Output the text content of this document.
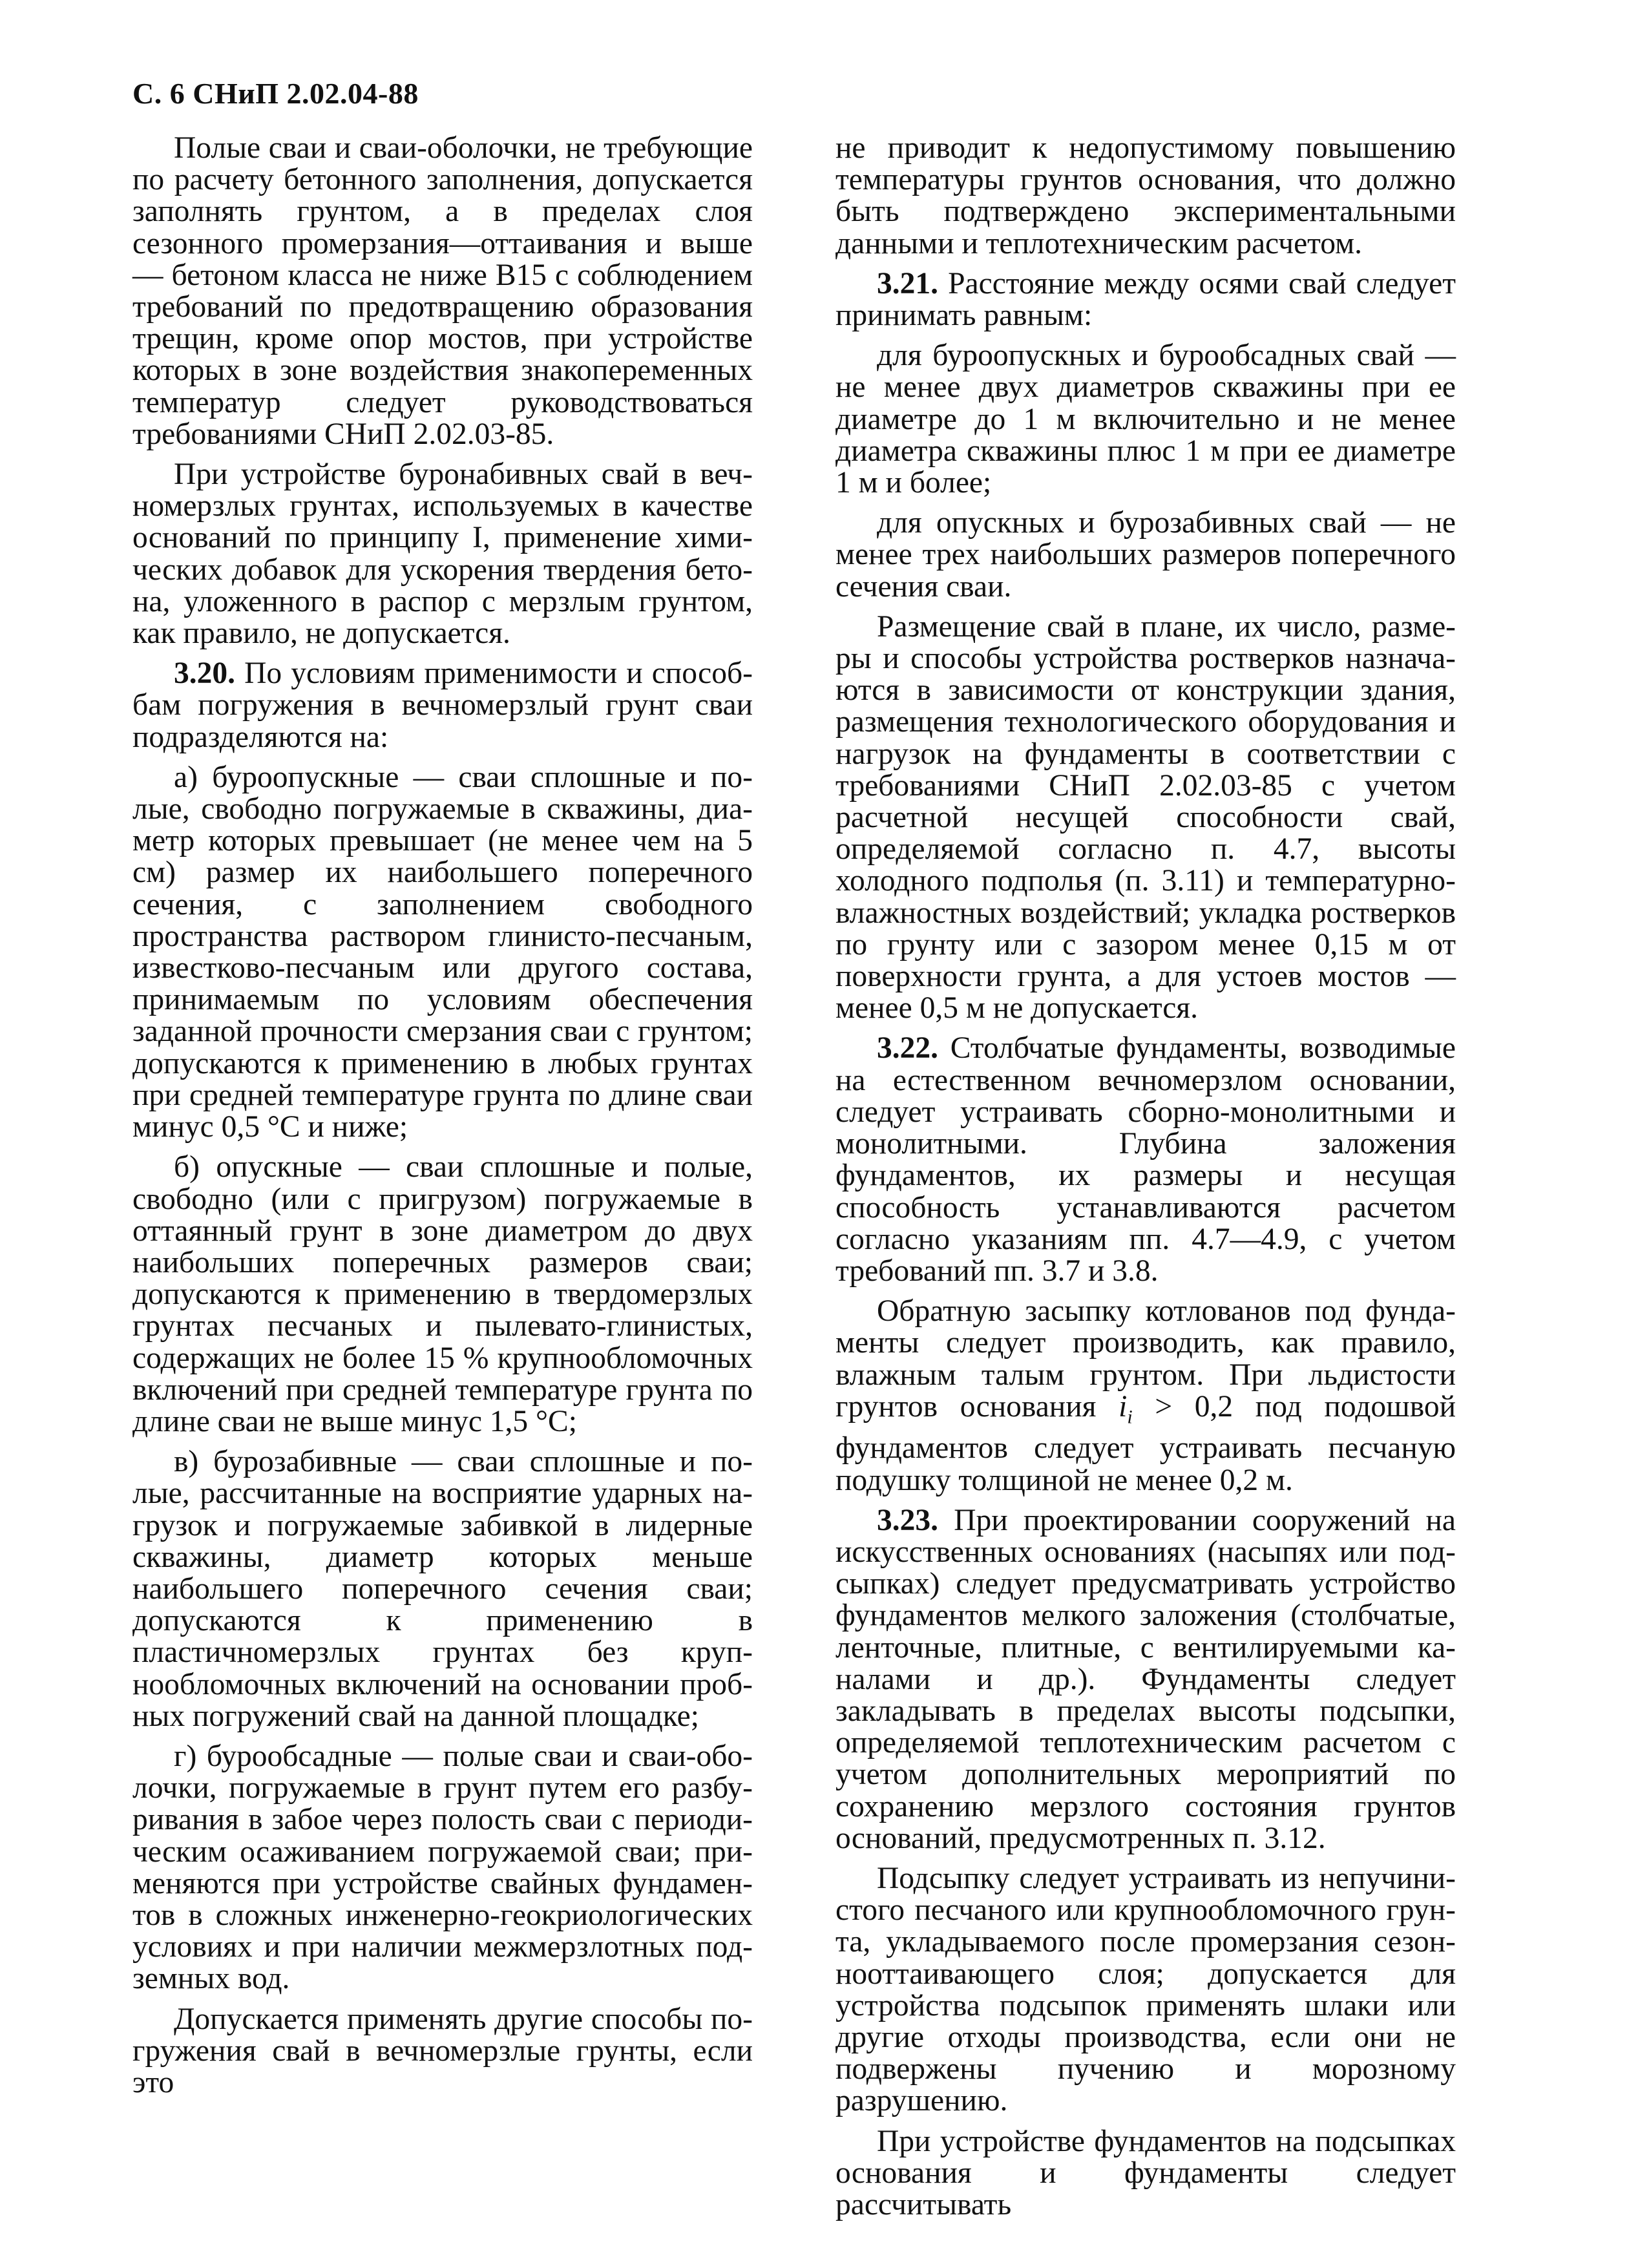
С. 6 СНиП 2.02.04-88

Полые сваи и сваи-оболочки, не требующие по расчету бетонного заполнения, допускается заполнять грунтом, а в пределах слоя сезонного промерзания—оттаивания и выше — бетоном класса не ниже В15 с соблюдением требований по предотвращению образования трещин, кроме опор мостов, при устройстве которых в зоне воздействия знакопеременных температур следует руководствоваться требованиями СНиП 2.02.03-85.

При устройстве буронабивных свай в вечномерзлых грунтах, используемых в качестве оснований по принципу I, применение химических добавок для ускорения твердения бетона, уложенного в распор с мерзлым грунтом, как правило, не допускается.

3.20. По условиям применимости и способбам погружения в вечномерзлый грунт сваи подразделяются на:

а) буроопускные — сваи сплошные и полые, свободно погружаемые в скважины, диаметр которых превышает (не менее чем на 5 см) размер их наибольшего поперечного сечения, с заполнением свободного пространства раствором глинисто-песчаным, известково-песчаным или другого состава, принимаемым по условиям обеспечения заданной прочности смерзания сваи с грунтом; допускаются к применению в любых грунтах при средней температуре грунта по длине сваи минус 0,5 °С и ниже;

б) опускные — сваи сплошные и полые, свободно (или с пригрузом) погружаемые в оттаянный грунт в зоне диаметром до двух наибольших поперечных размеров сваи; допускаются к применению в твердомерзлых грунтах песчаных и пылевато-глинистых, содержащих не более 15 % крупнообломочных включений при средней температуре грунта по длине сваи не выше минус 1,5 °С;

в) бурозабивные — сваи сплошные и полые, рассчитанные на восприятие ударных нагрузок и погружаемые забивкой в лидерные скважины, диаметр которых меньше наибольшего поперечного сечения сваи; допускаются к применению в пластичномерзлых грунтах без крупнообломочных включений на основании пробных погружений свай на данной площадке;

г) бурообсадные — полые сваи и сваи-оболочки, погружаемые в грунт путем его разбуривания в забое через полость сваи с периодическим осаживанием погружаемой сваи; применяются при устройстве свайных фундаментов в сложных инженерно-геокриологических условиях и при наличии межмерзлотных подземных вод.

Допускается применять другие способы погружения свай в вечномерзлые грунты, если это

не приводит к недопустимому повышению температуры грунтов основания, что должно быть подтверждено экспериментальными данными и теплотехническим расчетом.

3.21. Расстояние между осями свай следует принимать равным:

для буроопускных и бурообсадных свай — не менее двух диаметров скважины при ее диаметре до 1 м включительно и не менее диаметра скважины плюс 1 м при ее диаметре 1 м и более;

для опускных и бурозабивных свай — не менее трех наибольших размеров поперечного сечения сваи.

Размещение свай в плане, их число, размеры и способы устройства ростверков назначаются в зависимости от конструкции здания, размещения технологического оборудования и нагрузок на фундаменты в соответствии с требованиями СНиП 2.02.03-85 с учетом расчетной несущей способности свай, определяемой согласно п. 4.7, высоты холодного подполья (п. 3.11) и температурно-влажностных воздействий; укладка ростверков по грунту или с зазором менее 0,15 м от поверхности грунта, а для устоев мостов — менее 0,5 м не допускается.

3.22. Столбчатые фундаменты, возводимые на естественном вечномерзлом основании, следует устраивать сборно-монолитными и монолитными. Глубина заложения фундаментов, их размеры и несущая способность устанавливаются расчетом согласно указаниям пп. 4.7—4.9, с учетом требований пп. 3.7 и 3.8.

Обратную засыпку котлованов под фундаменты следует производить, как правило, влажным талым грунтом. При льдистости грунтов основания $i_i > 0,2$ под подошвой фундаментов следует устраивать песчаную подушку толщиной не менее 0,2 м.

3.23. При проектировании сооружений на искусственных основаниях (насыпях или подсыпках) следует предусматривать устройство фундаментов мелкого заложения (столбчатые, ленточные, плитные, с вентилируемыми каналами и др.). Фундаменты следует закладывать в пределах высоты подсыпки, определяемой теплотехническим расчетом с учетом дополнительных мероприятий по сохранению мерзлого состояния грунтов оснований, предусмотренных п. 3.12.

Подсыпку следует устраивать из непучинистого песчаного или крупнообломочного грунта, укладываемого после промерзания сезоннооттаивающего слоя; допускается для устройства подсыпок применять шлаки или другие отходы производства, если они не подвержены пучению и морозному разрушению.

При устройстве фундаментов на подсыпках основания и фундаменты следует рассчитывать
